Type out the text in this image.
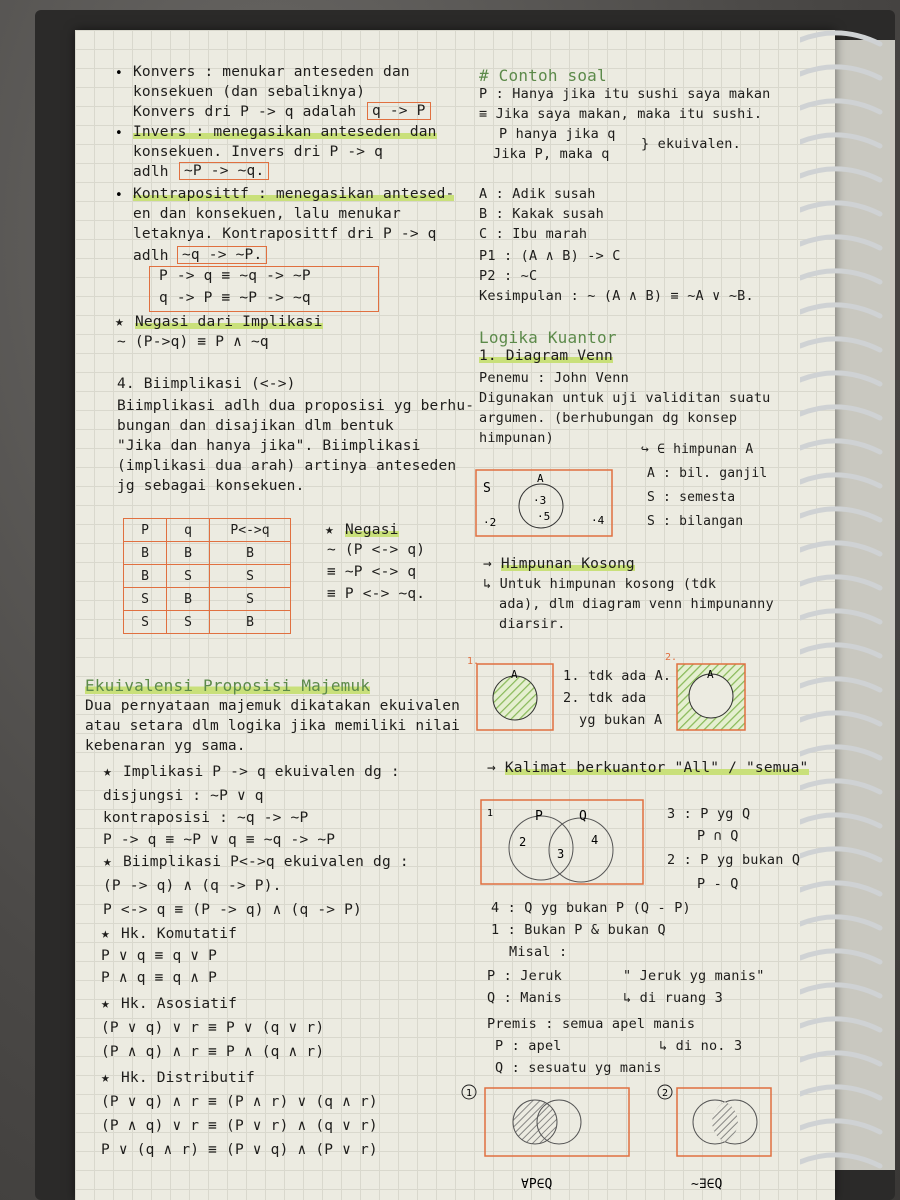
• Konvers : menukar anteseden dan
konsekuen (dan sebaliknya)
Konvers dri P -> q adalah	q -> P
• Invers : menegasikan anteseden dan
konsekuen. Invers dri P -> q
adlh	~P -> ~q.
• Kontraposittf : menegasikan antesed-
en dan konsekuen, lalu menukar
letaknya. Kontraposittf dri P -> q
adlh ~q -> ~P.
P -> q ≡ ~q -> ~P
q -> P ≡ ~P -> ~q
★ Negasi dari Implikasi
~ (P->q) ≡ P ∧ ~q
4. Biimplikasi (<->)
Biimplikasi adlh dua proposisi yg berhu-
bungan dan disajikan dlm bentuk
"Jika dan hanya jika". Biimplikasi
(implikasi dua arah) artinya anteseden
jg sebagai konsekuen.
P	q	P<->q
B	B	B
B	S	S
S	B	S
S	S	B
★ Negasi
~ (P <-> q)
≡ ~P <-> q
≡ P <-> ~q.
Ekuivalensi Proposisi Majemuk
Dua pernyataan majemuk dikatakan ekuivalen
atau setara dlm logika jika memiliki nilai
kebenaran yg sama.
★ Implikasi P -> q ekuivalen dg :
disjungsi : ~P ∨ q
kontraposisi : ~q -> ~P
P -> q ≡ ~P ∨ q ≡ ~q -> ~P
★ Biimplikasi P<->q ekuivalen dg :
(P -> q) ∧ (q -> P).
P <-> q ≡ (P -> q) ∧ (q -> P)
★ Hk. Komutatif
P ∨ q ≡ q ∨ P
P ∧ q ≡ q ∧ P
★ Hk. Asosiatif
(P ∨ q) ∨ r ≡ P ∨ (q ∨ r)
(P ∧ q) ∧ r ≡ P ∧ (q ∧ r)
★ Hk. Distributif
(P ∨ q) ∧ r ≡ (P ∧ r) ∨ (q ∧ r)
(P ∧ q) ∨ r ≡ (P ∨ r) ∧ (q ∨ r)
P ∨ (q ∧ r) ≡ (P ∨ q) ∧ (P ∨ r)
# Contoh soal
P : Hanya jika itu sushi saya makan
≡ Jika saya makan, maka itu sushi.
P hanya jika q
} ekuivalen.
Jika P, maka q
A : Adik susah
B : Kakak susah
C : Ibu marah
P1 : (A ∧ B) -> C
P2 : ~C
Kesimpulan : ~ (A ∧ B) ≡ ~A ∨ ~B.
Logika Kuantor
1. Diagram Venn
Penemu : John Venn
Digunakan untuk uji validitan suatu
argumen. (berhubungan dg konsep
himpunan)
S
A
·3
·5
·2	·4
↪ ∈ himpunan A
A : bil. ganjil
S : semesta
S : bilangan
→ Himpunan Kosong
↳ Untuk himpunan kosong (tdk
ada), dlm diagram venn himpunanny
diarsir.
1.
A
2.
A
1. tdk ada A.
2. tdk ada
yg bukan A
→ Kalimat berkuantor "All" / "semua"
P	Q
1
2
3
4
3 : P yg Q
P ∩ Q
2 : P yg bukan Q
P - Q
4 : Q yg bukan P (Q - P)
1 : Bukan P & bukan Q
Misal :
P : Jeruk
Q : Manis
" Jeruk yg manis"
↳ di ruang 3
Premis : semua apel manis
P : apel	↳ di no. 3
Q : sesuatu yg manis
1
∀P∈Q
2
~∃∈Q
